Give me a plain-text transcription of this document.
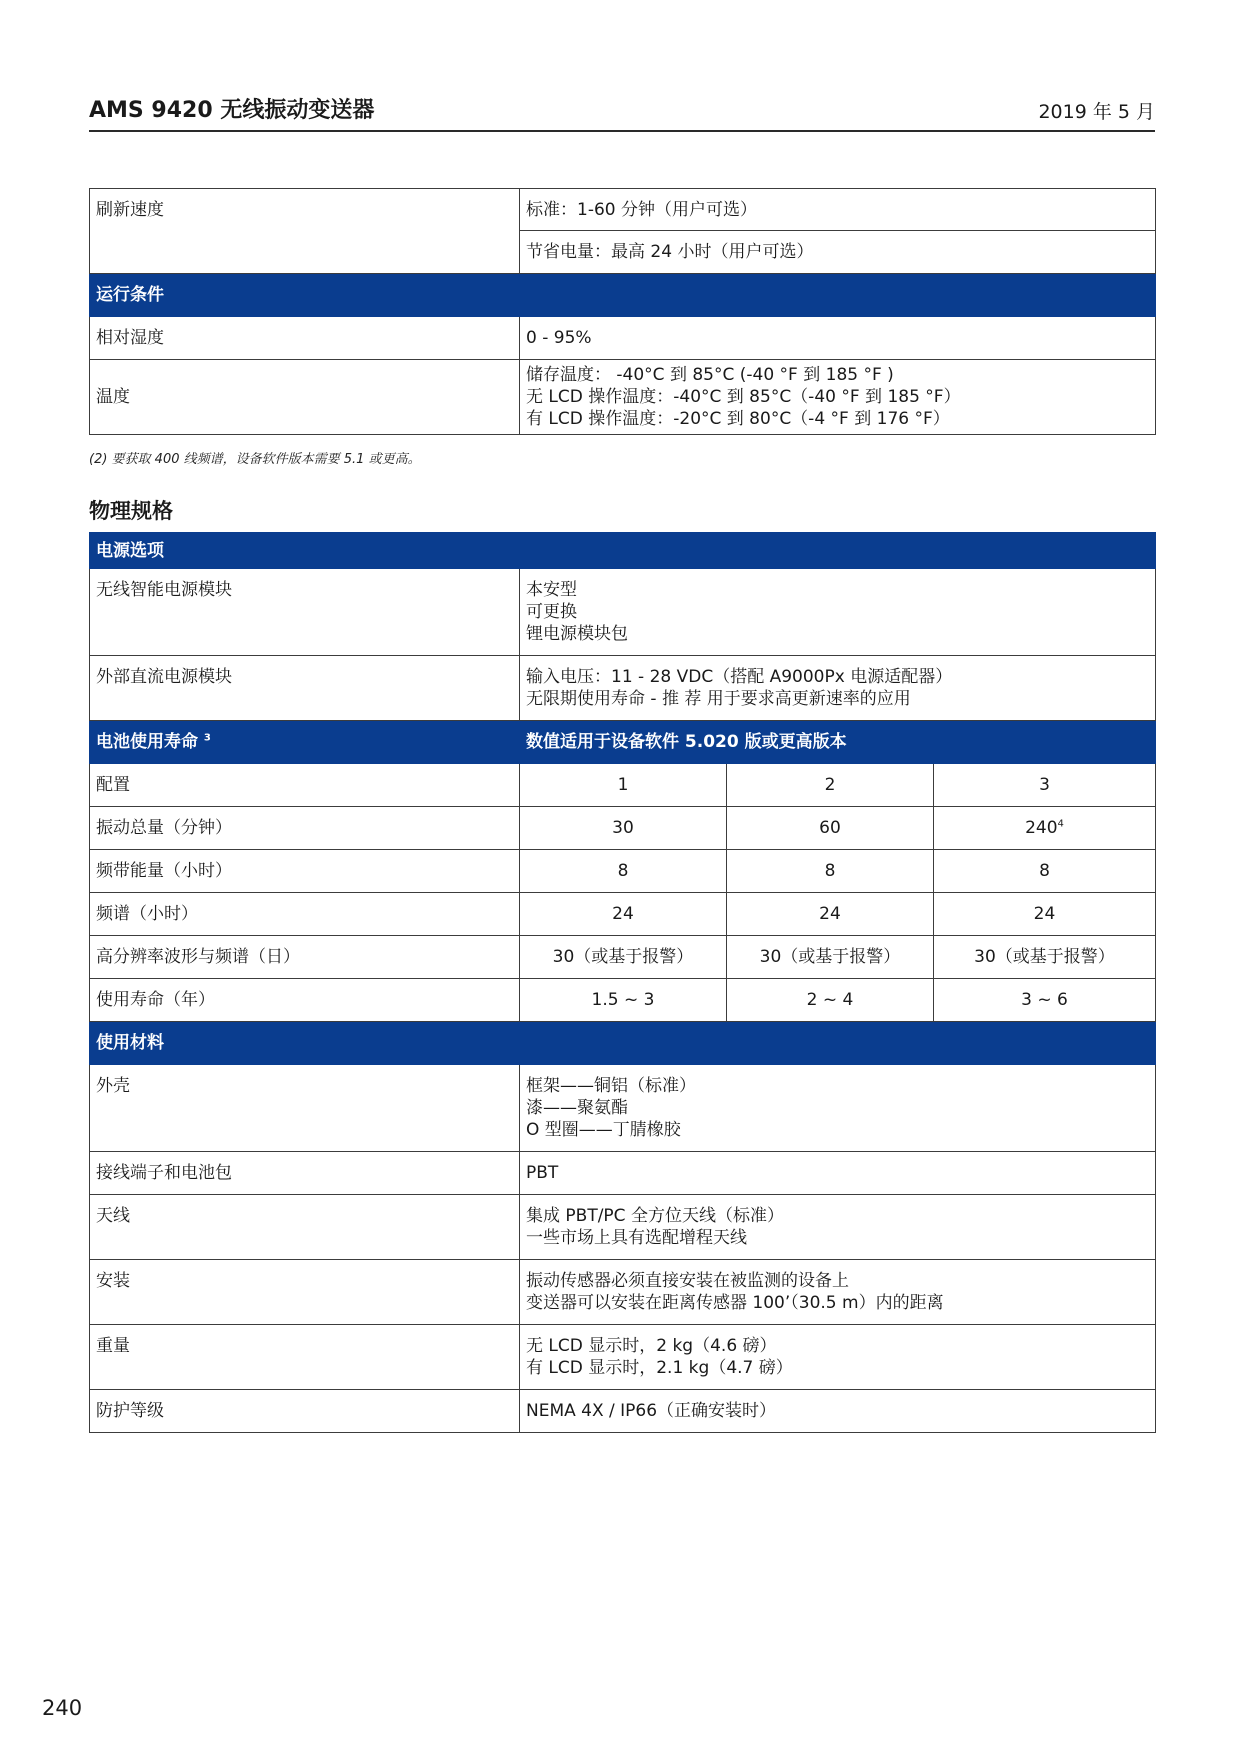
AMS 9420 无线振动变送器	2019 年 5 月
刷新速度	标准：1-60 分钟（用户可选）
	节省电量：最高 24 小时（用户可选）
运行条件	
相对湿度	0 - 95%
温度	储存温度： -40°C 到 85°C (-40 °F 到 185 °F )
无 LCD 操作温度：-40°C 到 85°C（-40 °F 到 185 °F）
有 LCD 操作温度：-20°C 到 80°C（-4 °F 到 176 °F）
(2) 要获取 400 线频谱，设备软件版本需要 5.1 或更高。
物理规格
电源选项			
无线智能电源模块	本安型
可更换
锂电源模块包		

外部直流电源模块	输入电压：11 - 28 VDC（搭配 A9000Px 电源适配器）
无限期使用寿命 - 推 荐 用于要求高更新速率的应用		

电池使用寿命 $^3$	数值适用于设备软件 5.020 版或更高版本		
配置	1	2	3
振动总量（分钟）	30	60	$240^4$
频带能量（小时）	8	8	8
频谱（小时）	24	24	24
高分辨率波形与频谱（日）	30（或基于报警）	30（或基于报警）	30（或基于报警）
使用寿命（年）	1.5 ~ 3	2 ~ 4	3 ~ 6
使用材料			
外壳	框架——铜铝（标准）
漆——聚氨酯
O 型圈——丁腈橡胶		

接线端子和电池包	PBT		
天线	集成 PBT/PC 全方位天线（标准）
一些市场上具有选配增程天线		

安装	振动传感器必须直接安装在被监测的设备上
变送器可以安装在距离传感器 100’（30.5 m）内的距离		

重量	无 LCD 显示时，2 kg（4.6 磅）
有 LCD 显示时，2.1 kg（4.7 磅）		

防护等级	NEMA 4X / IP66（正确安装时）		
240
